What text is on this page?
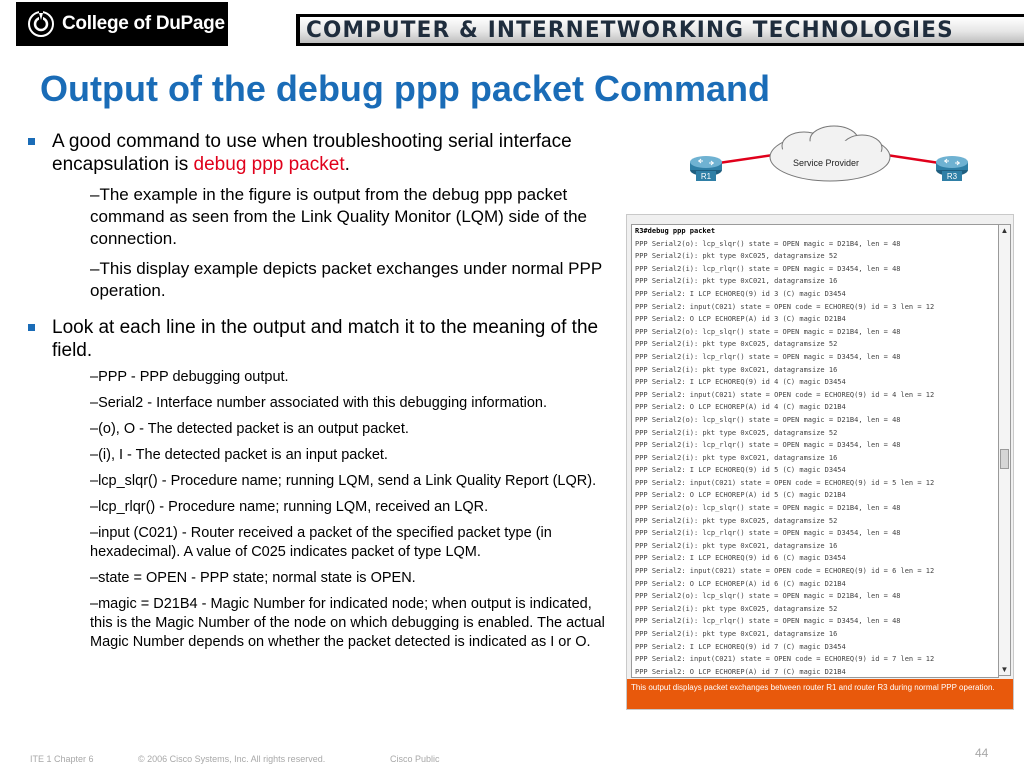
College of DuPage	COMPUTER & INTERNETWORKING TECHNOLOGIES
Output of the debug ppp packet Command
A good command to use when troubleshooting serial interface encapsulation is debug ppp packet.
–The example in the figure is output from the debug ppp packet command as seen from the Link Quality Monitor (LQM) side of the connection.
–This display example depicts packet exchanges under normal PPP operation.
Look at each line in the output and match it to the meaning of the field.
–PPP - PPP debugging output.
–Serial2 - Interface number associated with this debugging information.
–(o), O - The detected packet is an output packet.
–(i), I - The detected packet is an input packet.
–lcp_slqr() - Procedure name; running LQM, send a Link Quality Report (LQR).
–lcp_rlqr() - Procedure name; running LQM, received an LQR.
–input (C021) - Router received a packet of the specified packet type (in hexadecimal). A value of C025 indicates packet of type LQM.
–state = OPEN - PPP state; normal state is OPEN.
–magic = D21B4 - Magic Number for indicated node; when output is indicated, this is the Magic Number of the node on which debugging is enabled. The actual Magic Number depends on whether the packet detected is indicated as I or O.
Service Provider
R1	R3
R3#debug ppp packet
PPP Serial2(o): lcp_slqr() state = OPEN magic = D21B4, len = 48
PPP Serial2(i): pkt type 0xC025, datagramsize 52
PPP Serial2(i): lcp_rlqr() state = OPEN magic = D3454, len = 48
PPP Serial2(i): pkt type 0xC021, datagramsize 16
PPP Serial2: I LCP ECHOREQ(9) id 3 (C) magic D3454
PPP Serial2: input(C021) state = OPEN code = ECHOREQ(9) id = 3 len = 12
PPP Serial2: O LCP ECHOREP(A) id 3 (C) magic D21B4
PPP Serial2(o): lcp_slqr() state = OPEN magic = D21B4, len = 48
PPP Serial2(i): pkt type 0xC025, datagramsize 52
PPP Serial2(i): lcp_rlqr() state = OPEN magic = D3454, len = 48
PPP Serial2(i): pkt type 0xC021, datagramsize 16
PPP Serial2: I LCP ECHOREQ(9) id 4 (C) magic D3454
PPP Serial2: input(C021) state = OPEN code = ECHOREQ(9) id = 4 len = 12
PPP Serial2: O LCP ECHOREP(A) id 4 (C) magic D21B4
PPP Serial2(o): lcp_slqr() state = OPEN magic = D21B4, len = 48
PPP Serial2(i): pkt type 0xC025, datagramsize 52
PPP Serial2(i): lcp_rlqr() state = OPEN magic = D3454, len = 48
PPP Serial2(i): pkt type 0xC021, datagramsize 16
PPP Serial2: I LCP ECHOREQ(9) id 5 (C) magic D3454
PPP Serial2: input(C021) state = OPEN code = ECHOREQ(9) id = 5 len = 12
PPP Serial2: O LCP ECHOREP(A) id 5 (C) magic D21B4
PPP Serial2(o): lcp_slqr() state = OPEN magic = D21B4, len = 48
PPP Serial2(i): pkt type 0xC025, datagramsize 52
PPP Serial2(i): lcp_rlqr() state = OPEN magic = D3454, len = 48
PPP Serial2(i): pkt type 0xC021, datagramsize 16
PPP Serial2: I LCP ECHOREQ(9) id 6 (C) magic D3454
PPP Serial2: input(C021) state = OPEN code = ECHOREQ(9) id = 6 len = 12
PPP Serial2: O LCP ECHOREP(A) id 6 (C) magic D21B4
PPP Serial2(o): lcp_slqr() state = OPEN magic = D21B4, len = 48
PPP Serial2(i): pkt type 0xC025, datagramsize 52
PPP Serial2(i): lcp_rlqr() state = OPEN magic = D3454, len = 48
PPP Serial2(i): pkt type 0xC021, datagramsize 16
PPP Serial2: I LCP ECHOREQ(9) id 7 (C) magic D3454
PPP Serial2: input(C021) state = OPEN code = ECHOREQ(9) id = 7 len = 12
PPP Serial2: O LCP ECHOREP(A) id 7 (C) magic D21B4
▲
▼
This output displays packet exchanges between router R1 and router R3 during normal PPP operation.
ITE 1 Chapter 6	© 2006 Cisco Systems, Inc. All rights reserved.	Cisco Public	44
